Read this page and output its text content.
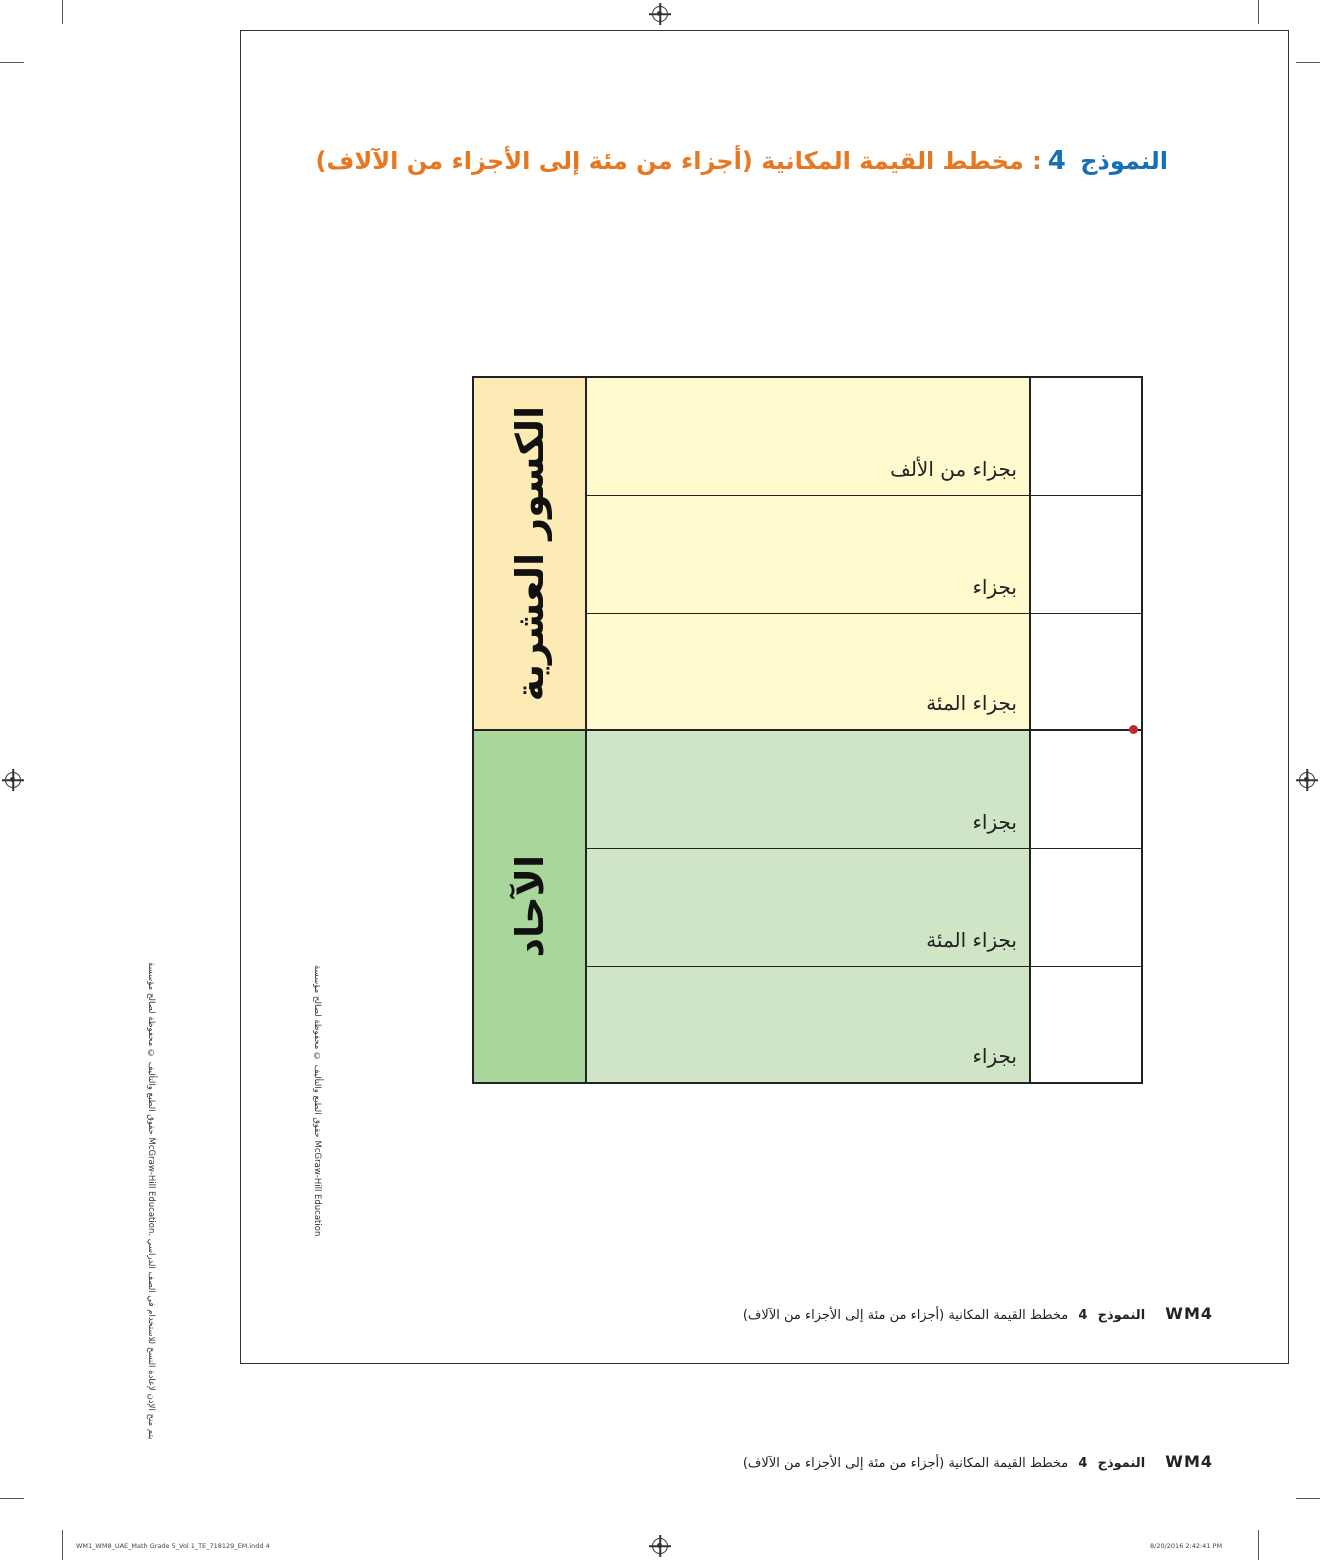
النموذج 4: مخطط القيمة المكانية (أجزاء من مئة إلى الأجزاء من الآلاف)
الكسور العشرية
الآحاد
بجزاء من الألف
بجزاء
بجزاء المئة
بجزاء
بجزاء المئة
بجزاء
حقوق الطبع والتأليف © محفوظة لصالح مؤسسة McGraw-Hill Education
حقوق الطبع والتأليف © محفوظة لصالح مؤسسة McGraw-Hill Education. يتم منح الإذن لإعادة النسخ للاستخدام في الصف الدراسي	WM4 النموذج 4 مخطط القيمة المكانية (أجزاء من مئة إلى الأجزاء من الآلاف)
WM4 النموذج 4 مخطط القيمة المكانية (أجزاء من مئة إلى الأجزاء من الآلاف)
WM1_WM8_UAE_Math Grade 5_Vol 1_TE_718129_EM.indd 4	8/20/2016 2:42:41 PM
